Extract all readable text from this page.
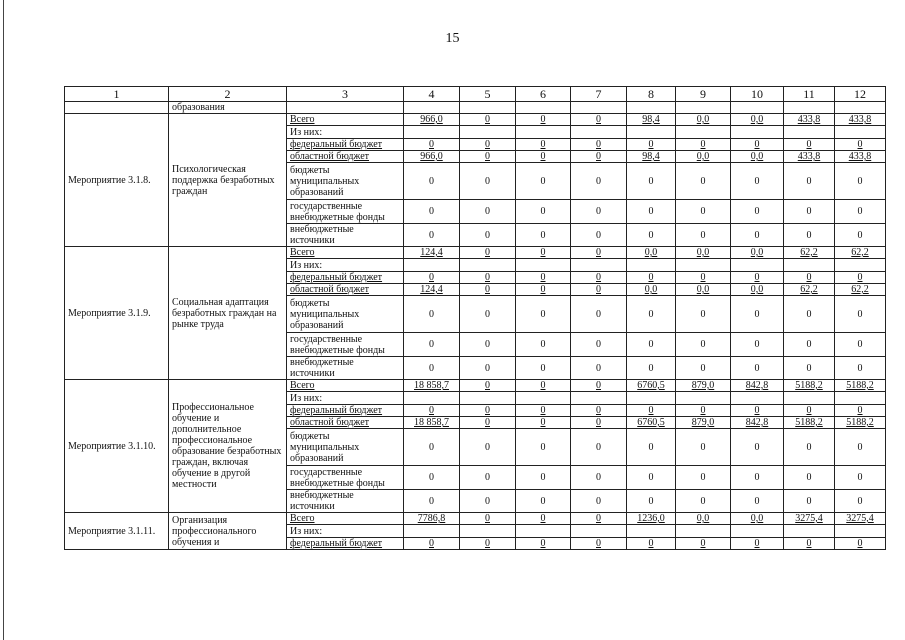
15
1	2	3	4	5	6	7	8	9	10	11	12
	образования										
Мероприятие 3.1.8.	Психологическая поддержка безработных граждан	Всего	966,0	0	0	0	98,4	0,0	0,0	433,8	433,8
		Из них:									
		федеральный бюджет	0	0	0	0	0	0	0	0	0
		областной бюджет	966,0	0	0	0	98,4	0,0	0,0	433,8	433,8
		бюджеты муниципальных образований	0	0	0	0	0	0	0	0	0
		государственные внебюджетные фонды	0	0	0	0	0	0	0	0	0
		внебюджетные источники	0	0	0	0	0	0	0	0	0
Мероприятие 3.1.9.	Социальная адаптация безработных граждан на рынке труда	Всего	124,4	0	0	0	0,0	0,0	0,0	62,2	62,2
		Из них:									
		федеральный бюджет	0	0	0	0	0	0	0	0	0
		областной бюджет	124,4	0	0	0	0,0	0,0	0,0	62,2	62,2
		бюджеты муниципальных образований	0	0	0	0	0	0	0	0	0
		государственные внебюджетные фонды	0	0	0	0	0	0	0	0	0
		внебюджетные источники	0	0	0	0	0	0	0	0	0
Мероприятие 3.1.10.	Профессиональное обучение и дополнительное профессиональное образование безработных граждан, включая обучение в другой местности	Всего	18 858,7	0	0	0	6760,5	879,0	842,8	5188,2	5188,2
		Из них:									
		федеральный бюджет	0	0	0	0	0	0	0	0	0
		областной бюджет	18 858,7	0	0	0	6760,5	879,0	842,8	5188,2	5188,2
		бюджеты муниципальных образований	0	0	0	0	0	0	0	0	0
		государственные внебюджетные фонды	0	0	0	0	0	0	0	0	0
		внебюджетные источники	0	0	0	0	0	0	0	0	0
Мероприятие 3.1.11.	Организация профессионального обучения и	Всего	7786,8	0	0	0	1236,0	0,0	0,0	3275,4	3275,4
		Из них:									
		федеральный бюджет	0	0	0	0	0	0	0	0	0
